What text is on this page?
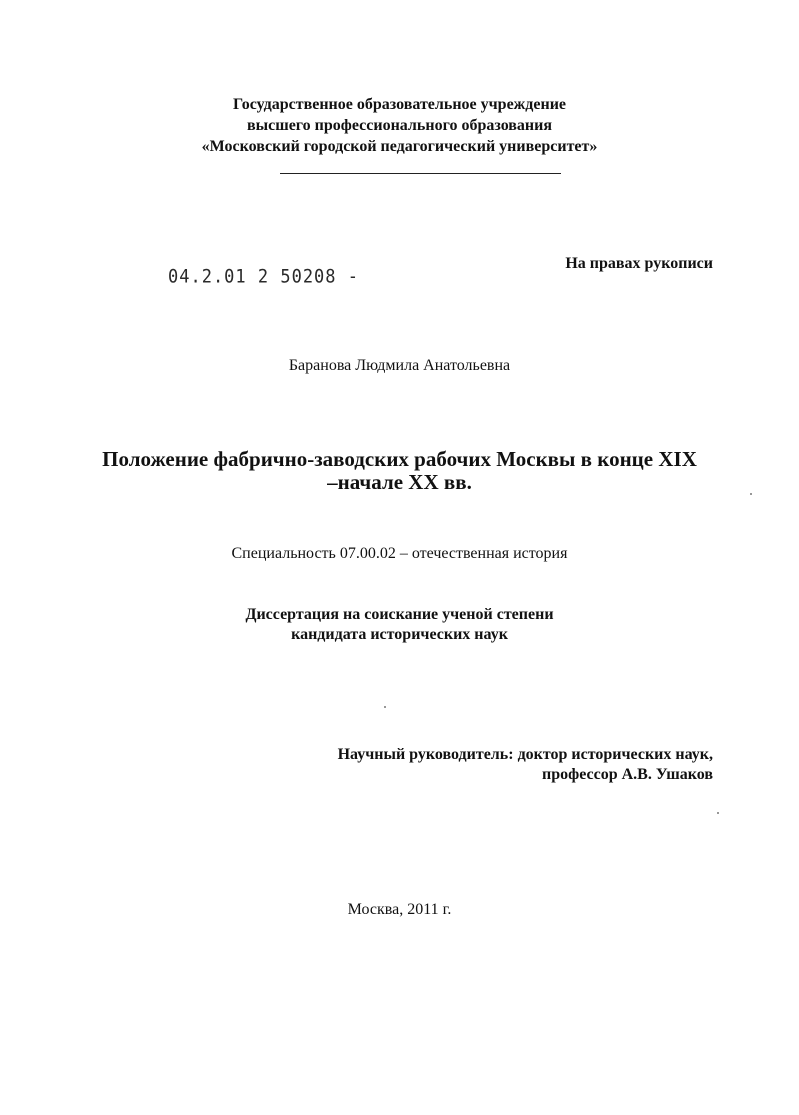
Государственное образовательное учреждение
высшего профессионального образования
«Московский городской педагогический университет»
04.2.01 2 50208 -
На правах рукописи
Баранова Людмила Анатольевна
Положение фабрично-заводских рабочих Москвы в конце XIX
–начале XX вв.
Специальность 07.00.02 – отечественная история
Диссертация на соискание ученой степени
кандидата исторических наук
Научный руководитель: доктор исторических наук,
профессор А.В. Ушаков
Москва, 2011 г.
